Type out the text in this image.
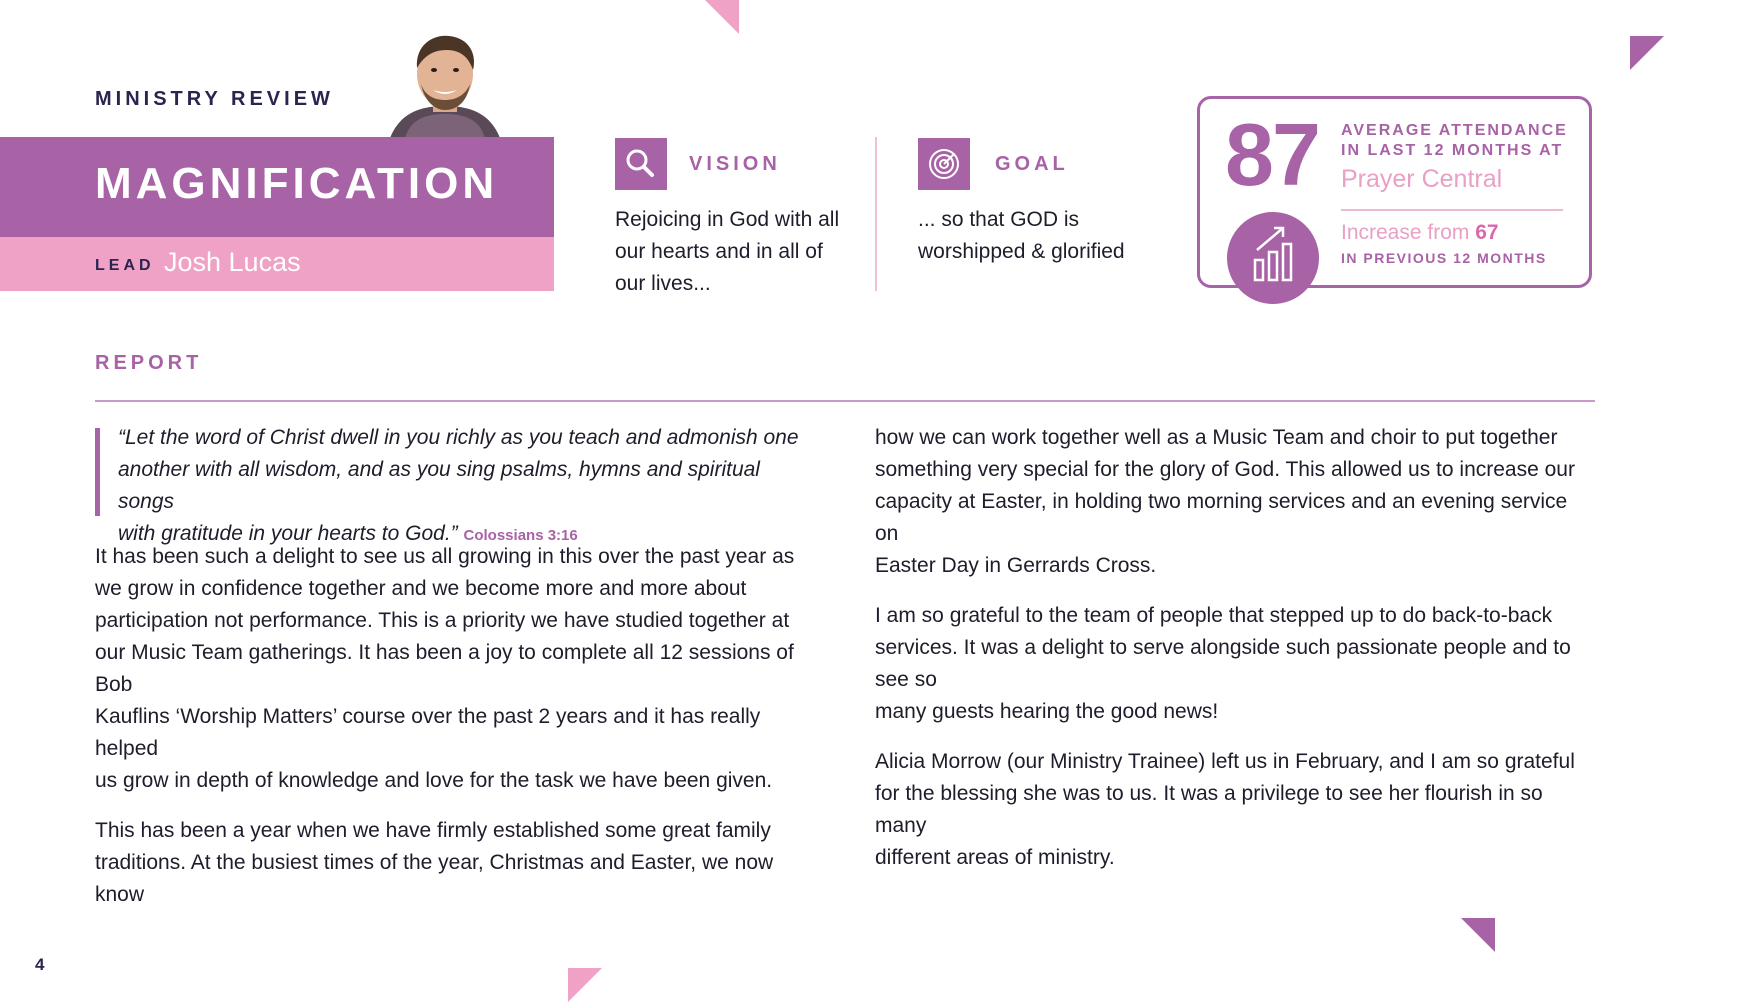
MINISTRY REVIEW
MAGNIFICATION
LEAD Josh Lucas
VISION
Rejoicing in God with all
our hearts and in all of
our lives...
GOAL
... so that GOD is
worshipped & glorified
87 AVERAGE ATTENDANCE
IN LAST 12 MONTHS AT
Prayer Central
Increase from 67
IN PREVIOUS 12 MONTHS
REPORT
“Let the word of Christ dwell in you richly as you teach and admonish one
another with all wisdom, and as you sing psalms, hymns and spiritual songs
with gratitude in your hearts to God.” Colossians 3:16

It has been such a delight to see us all growing in this over the past year as
we grow in confidence together and we become more and more about
participation not performance. This is a priority we have studied together at
our Music Team gatherings. It has been a joy to complete all 12 sessions of Bob
Kauflins ‘Worship Matters’ course over the past 2 years and it has really helped
us grow in depth of knowledge and love for the task we have been given.

This has been a year when we have firmly established some great family
traditions. At the busiest times of the year, Christmas and Easter, we now know

how we can work together well as a Music Team and choir to put together
something very special for the glory of God. This allowed us to increase our
capacity at Easter, in holding two morning services and an evening service on
Easter Day in Gerrards Cross.

I am so grateful to the team of people that stepped up to do back-to-back
services. It was a delight to serve alongside such passionate people and to see so
many guests hearing the good news!

Alicia Morrow (our Ministry Trainee) left us in February, and I am so grateful
for the blessing she was to us. It was a privilege to see her flourish in so many
different areas of ministry.

4
